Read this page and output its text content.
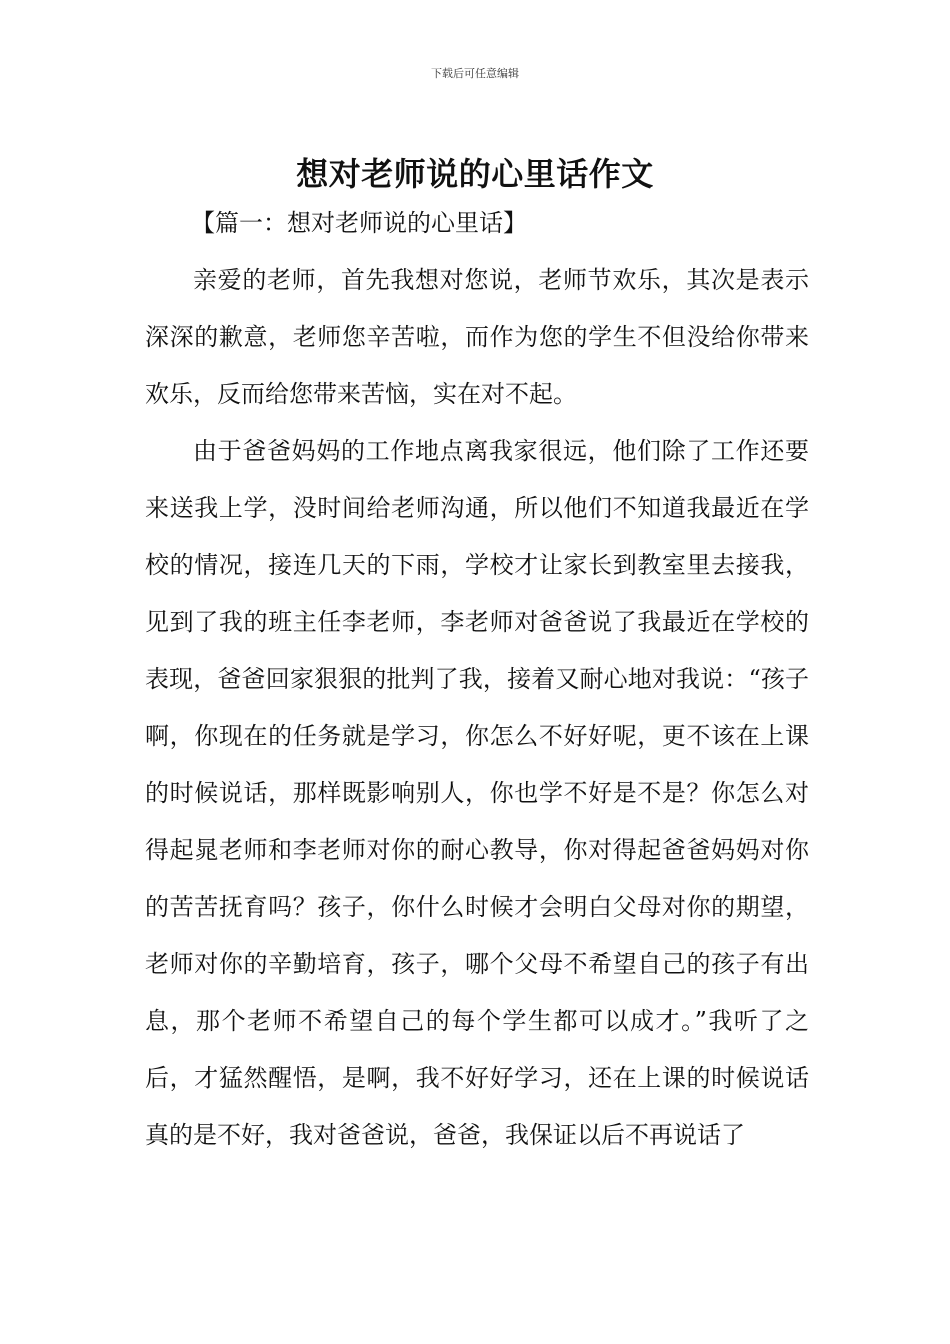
下载后可任意编辑
想对老师说的心里话作文

【篇一：想对老师说的心里话】

亲爱的老师，首先我想对您说，老师节欢乐，其次是表示深深的歉意，老师您辛苦啦，而作为您的学生不但没给你带来欢乐，反而给您带来苦恼，实在对不起。

由于爸爸妈妈的工作地点离我家很远，他们除了工作还要来送我上学，没时间给老师沟通，所以他们不知道我最近在学校的情况，接连几天的下雨，学校才让家长到教室里去接我，见到了我的班主任李老师，李老师对爸爸说了我最近在学校的表现，爸爸回家狠狠的批判了我，接着又耐心地对我说：“孩子啊，你现在的任务就是学习，你怎么不好好呢，更不该在上课的时候说话，那样既影响别人，你也学不好是不是？你怎么对得起晁老师和李老师对你的耐心教导，你对得起爸爸妈妈对你的苦苦抚育吗？孩子，你什么时候才会明白父母对你的期望，老师对你的辛勤培育，孩子，哪个父母不希望自己的孩子有出息，那个老师不希望自己的每个学生都可以成才。”我听了之后，才猛然醒悟，是啊，我不好好学习，还在上课的时候说话真的是不好，我对爸爸说，爸爸，我保证以后不再说话了
